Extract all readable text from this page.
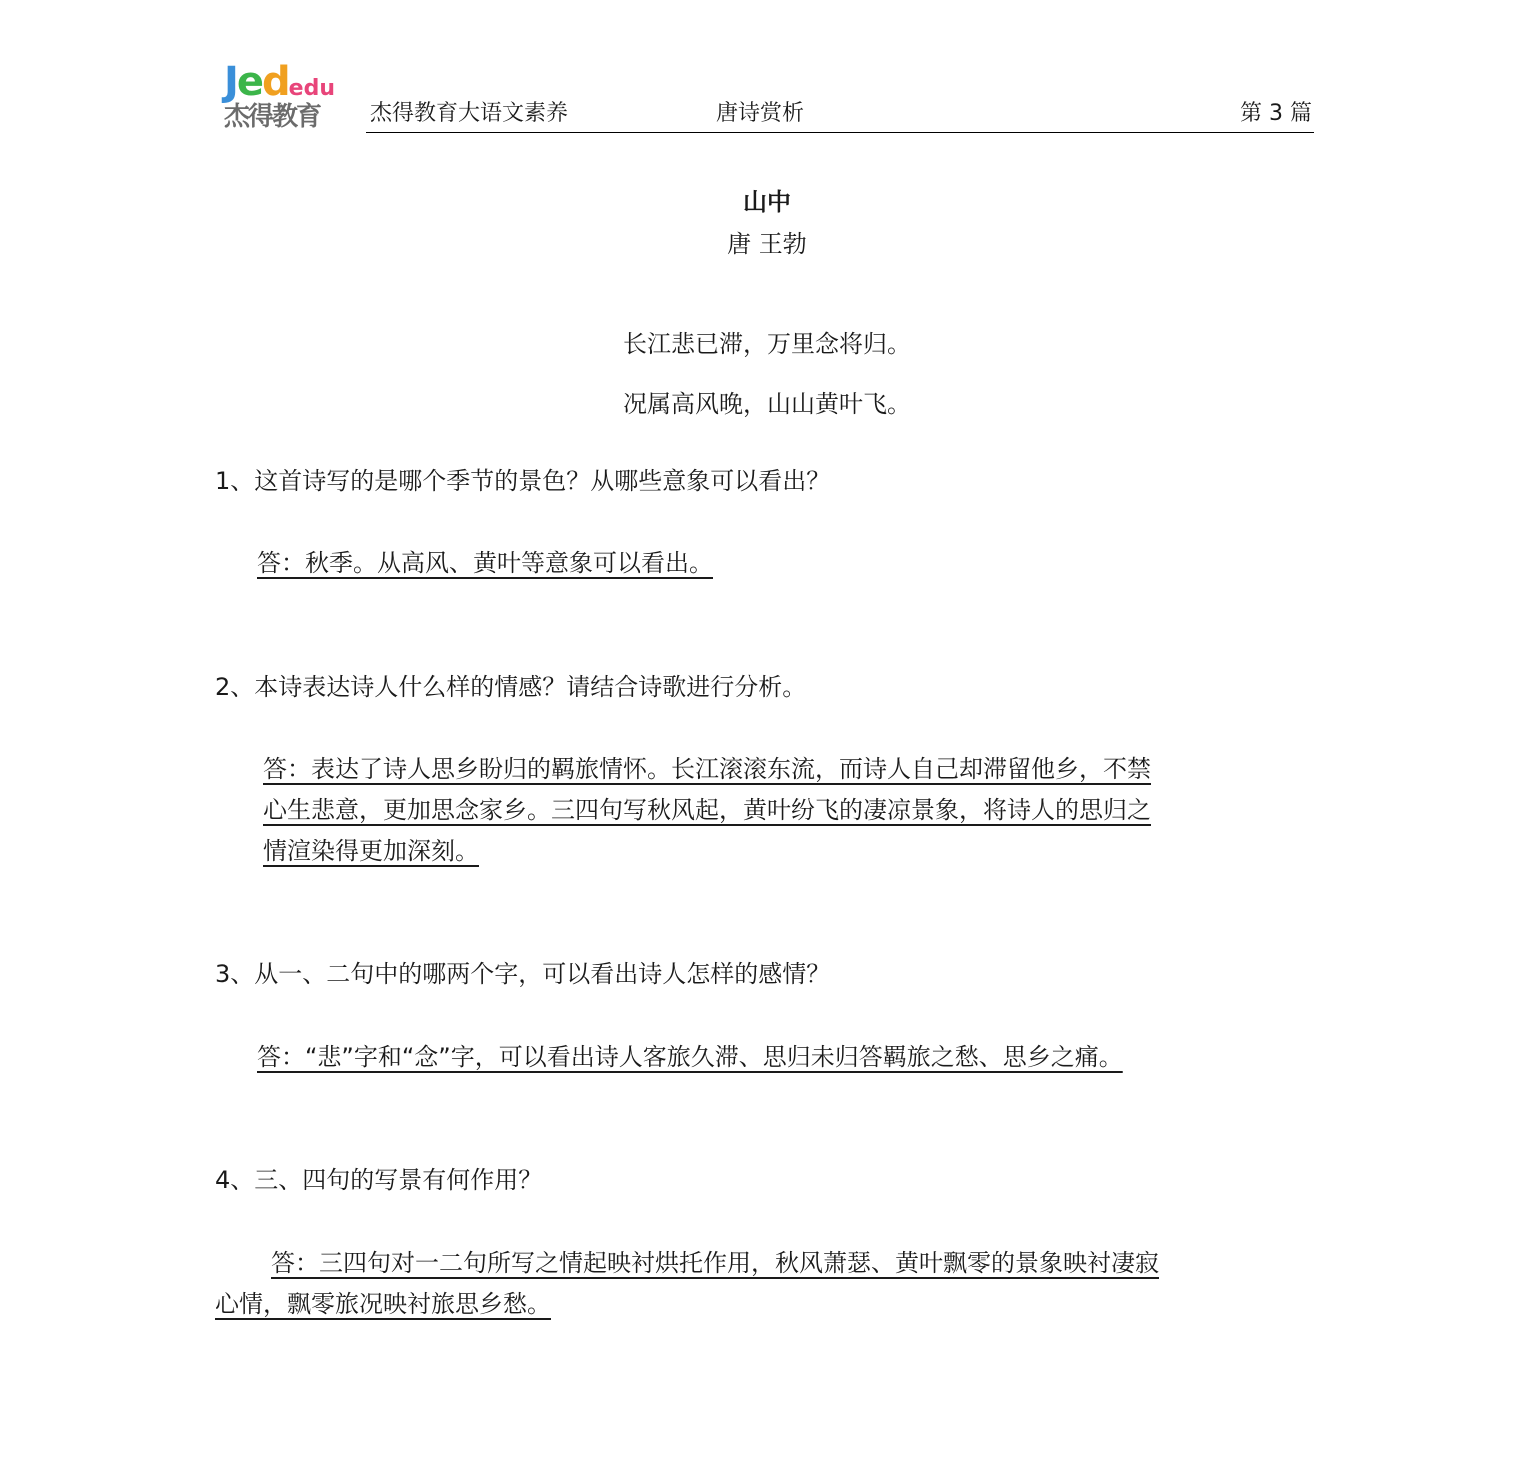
Jededu
杰得教育 杰得教育大语文素养	唐诗赏析	第 3 篇
山中
唐 王勃
长江悲已滞，万里念将归。
况属高风晚，山山黄叶飞。
1、这首诗写的是哪个季节的景色？从哪些意象可以看出？
答：秋季。从高风、黄叶等意象可以看出。
2、本诗表达诗人什么样的情感？请结合诗歌进行分析。
答：表达了诗人思乡盼归的羁旅情怀。长江滚滚东流，而诗人自己却滞留他乡，不禁
心生悲意，更加思念家乡。三四句写秋风起，黄叶纷飞的凄凉景象，将诗人的思归之
情渲染得更加深刻。
3、从一、二句中的哪两个字，可以看出诗人怎样的感情？
答：“悲”字和“念”字，可以看出诗人客旅久滞、思归未归答羁旅之愁、思乡之痛。
4、三、四句的写景有何作用？
答：三四句对一二句所写之情起映衬烘托作用，秋风萧瑟、黄叶飘零的景象映衬凄寂
心情，飘零旅况映衬旅思乡愁。
